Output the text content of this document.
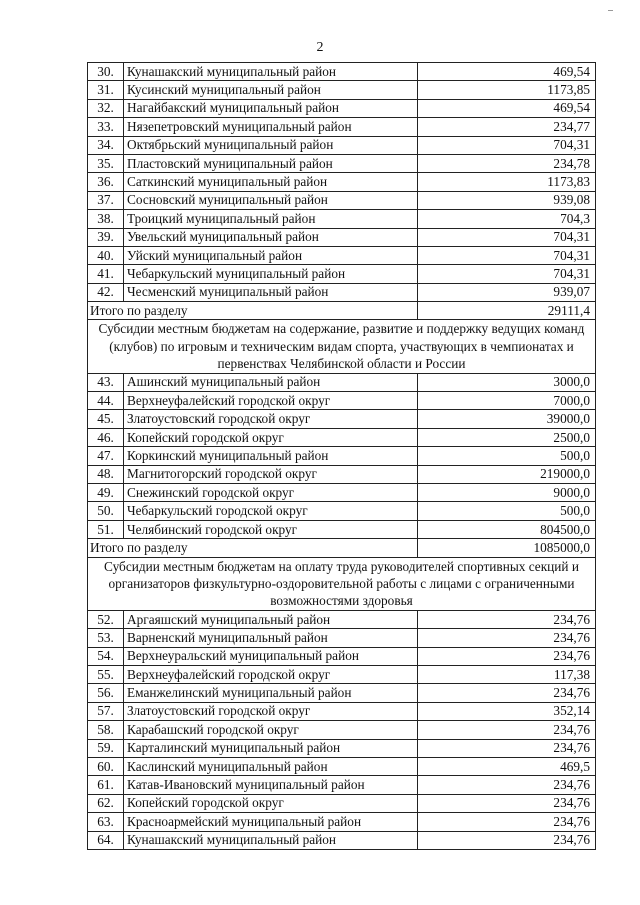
2
30.	Кунашакский муниципальный район	469,54
31.	Кусинский муниципальный район	1173,85
32.	Нагайбакский муниципальный район	469,54
33.	Нязепетровский муниципальный район	234,77
34.	Октябрьский муниципальный район	704,31
35.	Пластовский муниципальный район	234,78
36.	Саткинский муниципальный район	1173,83
37.	Сосновский муниципальный район	939,08
38.	Троицкий муниципальный район	704,3
39.	Увельский муниципальный район	704,31
40.	Уйский муниципальный район	704,31
41.	Чебаркульский муниципальный район	704,31
42.	Чесменский муниципальный район	939,07
Итого по разделу		29111,4
Субсидии местным бюджетам на содержание, развитие и поддержку ведущих команд (клубов) по игровым и техническим видам спорта, участвующих в чемпионатах и первенствах Челябинской области и России		
43.	Ашинский муниципальный район	3000,0
44.	Верхнеуфалейский городской округ	7000,0
45.	Златоустовский городской округ	39000,0
46.	Копейский городской округ	2500,0
47.	Коркинский муниципальный район	500,0
48.	Магнитогорский городской округ	219000,0
49.	Снежинский городской округ	9000,0
50.	Чебаркульский городской округ	500,0
51.	Челябинский городской округ	804500,0
Итого по разделу		1085000,0
Субсидии местным бюджетам на оплату труда руководителей спортивных секций и организаторов физкультурно-оздоровительной работы с лицами с ограниченными возможностями здоровья		
52.	Аргаяшский муниципальный район	234,76
53.	Варненский муниципальный район	234,76
54.	Верхнеуральский муниципальный район	234,76
55.	Верхнеуфалейский городской округ	117,38
56.	Еманжелинский муниципальный район	234,76
57.	Златоустовский городской округ	352,14
58.	Карабашский городской округ	234,76
59.	Карталинский муниципальный район	234,76
60.	Каслинский муниципальный район	469,5
61.	Катав-Ивановский муниципальный район	234,76
62.	Копейский городской округ	234,76
63.	Красноармейский муниципальный район	234,76
64.	Кунашакский муниципальный район	234,76
